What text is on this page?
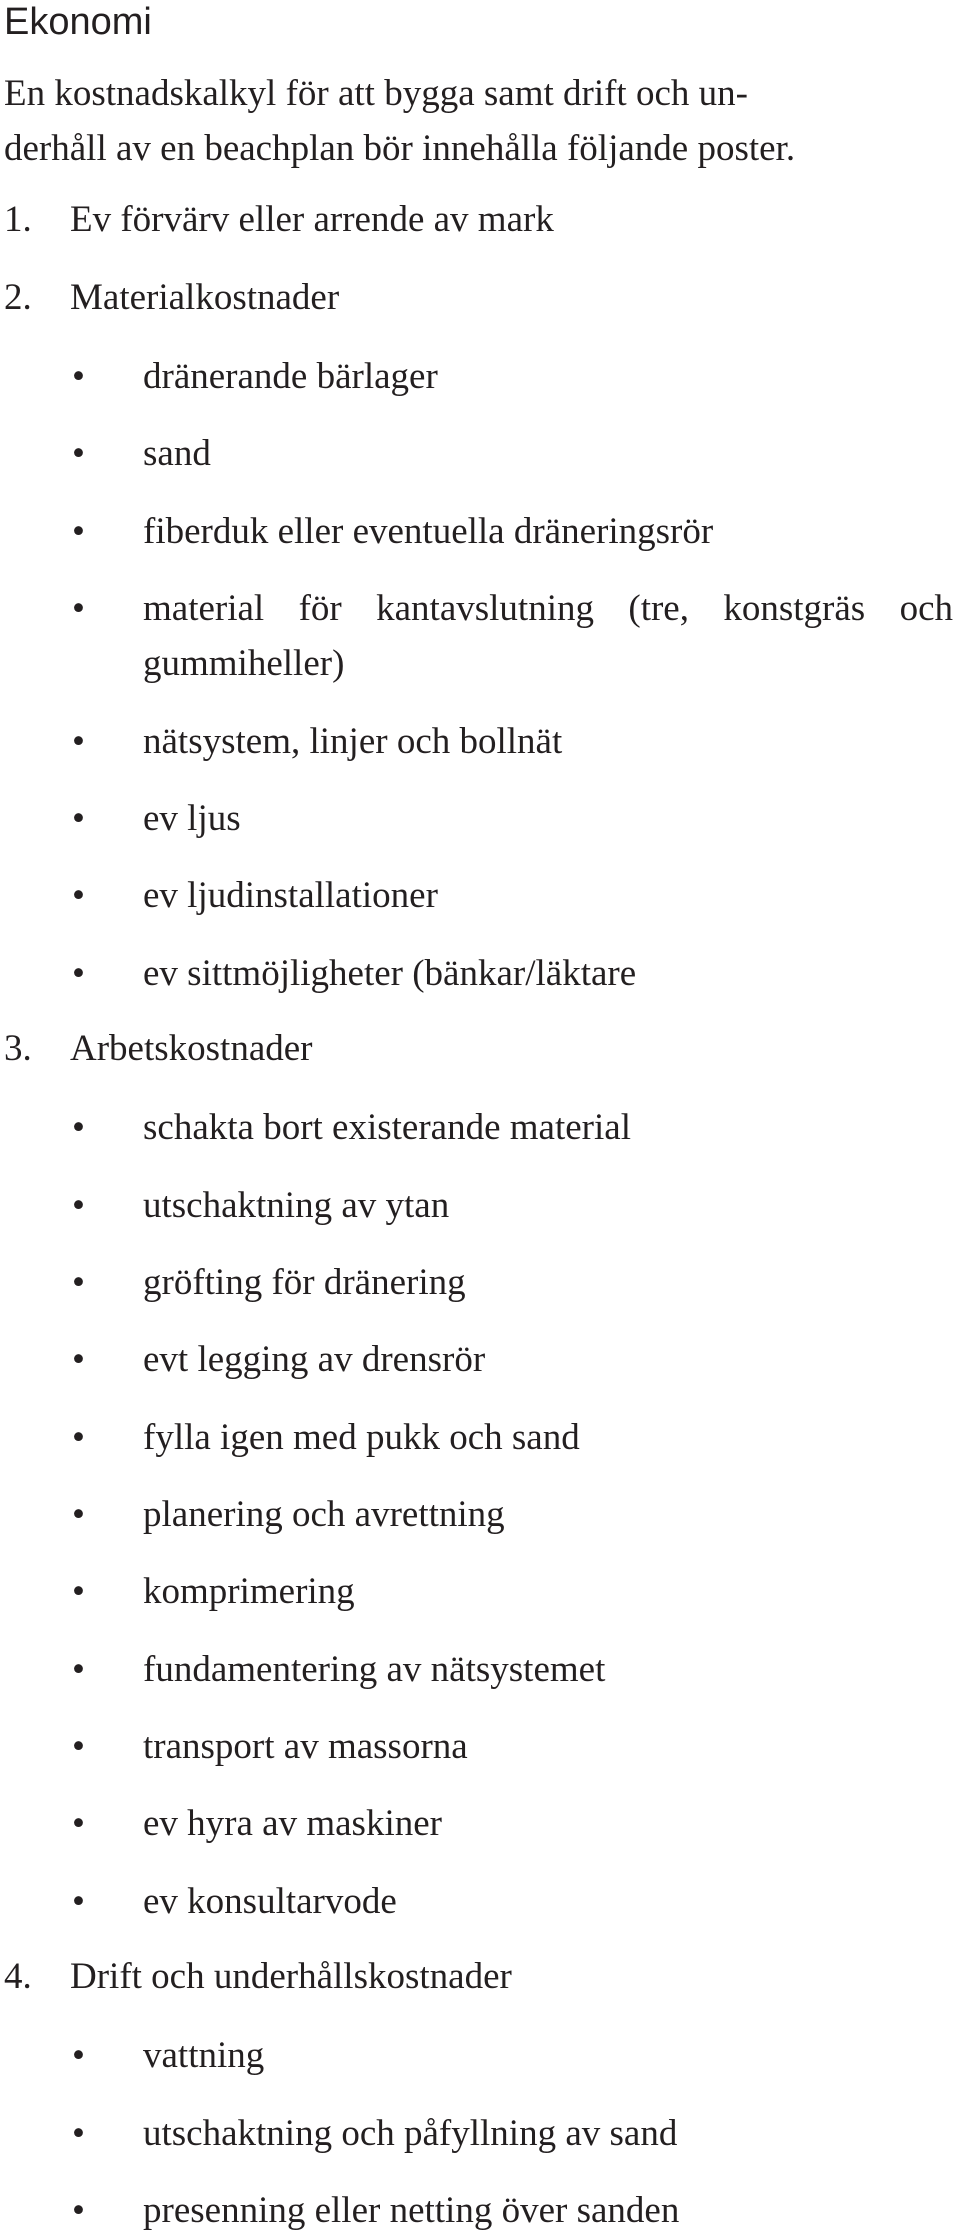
Ekonomi

En kostnadskalkyl för att bygga samt drift och un-
derhåll av en beachplan bör innehålla följande poster.

1. Ev förvärv eller arrende av mark
2. Materialkostnader
• dränerande bärlager
• sand
• fiberduk eller eventuella dräneringsrör
• material för kantavslutning (tre, konstgräs och gummiheller)
• nätsystem, linjer och bollnät
• ev ljus
• ev ljudinstallationer
• ev sittmöjligheter (bänkar/läktare
3. Arbetskostnader
• schakta bort existerande material
• utschaktning av ytan
• gröfting för dränering
• evt legging av drensrör
• fylla igen med pukk och sand
• planering och avrettning
• komprimering
• fundamentering av nätsystemet
• transport av massorna
• ev hyra av maskiner
• ev konsultarvode
4. Drift och underhållskostnader
• vattning
• utschaktning och påfyllning av sand
• presenning eller netting över sanden
